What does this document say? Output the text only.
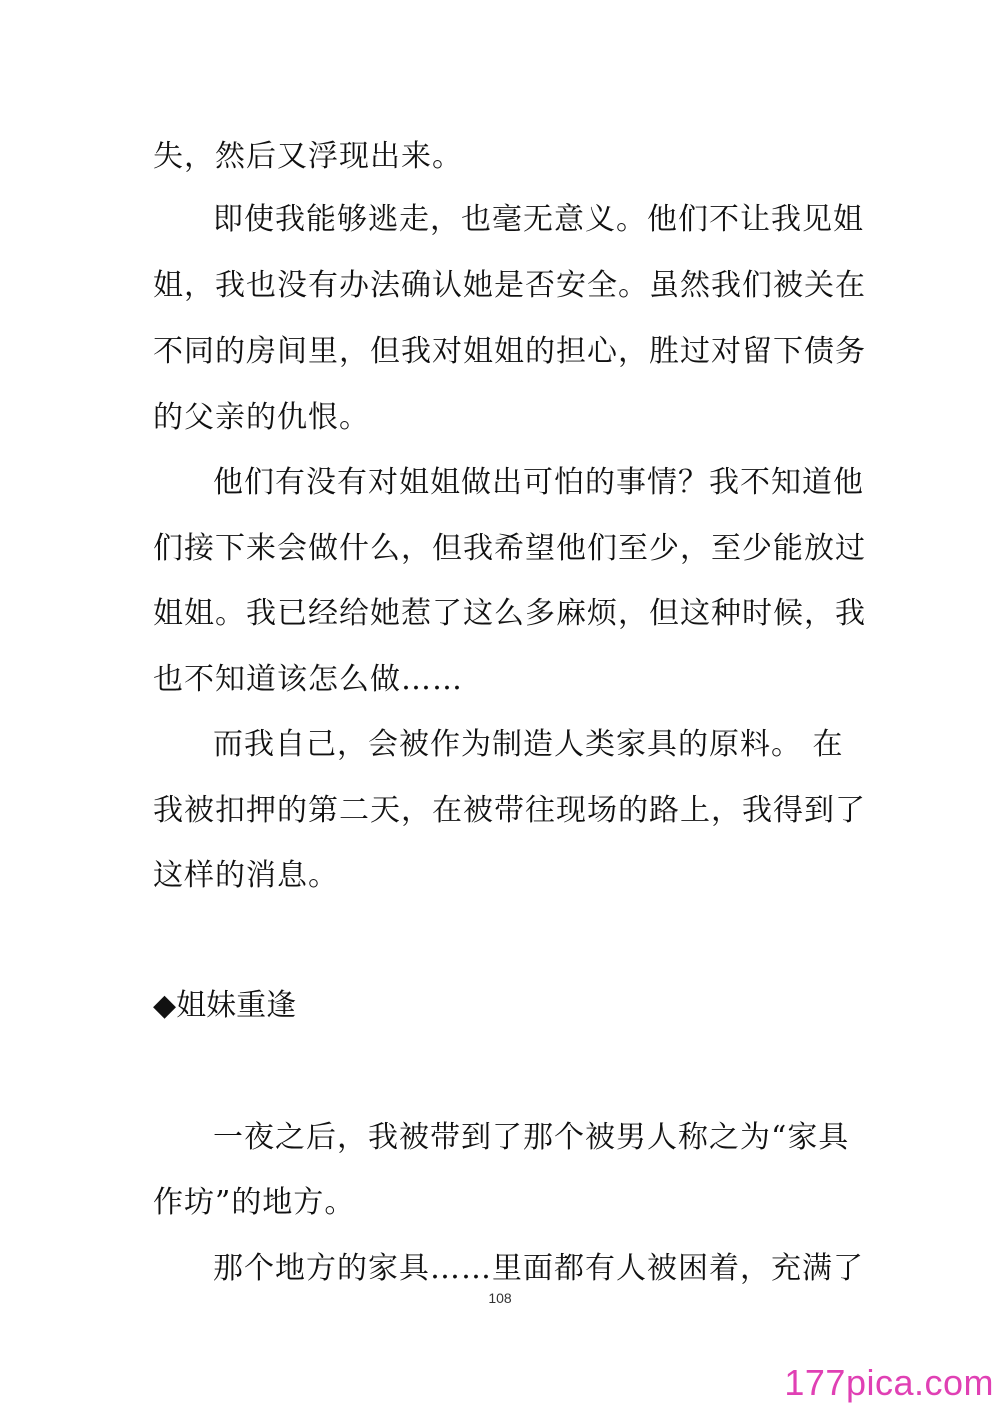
失，然后又浮现出来。
即使我能够逃走，也毫无意义。他们不让我见姐
姐，我也没有办法确认她是否安全。虽然我们被关在
不同的房间里，但我对姐姐的担心，胜过对留下债务
的父亲的仇恨。
他们有没有对姐姐做出可怕的事情？我不知道他
们接下来会做什么，但我希望他们至少，至少能放过
姐姐。我已经给她惹了这么多麻烦，但这种时候，我
也不知道该怎么做……
而我自己，会被作为制造人类家具的原料。 在
我被扣押的第二天，在被带往现场的路上，我得到了
这样的消息。
◆姐妹重逢
一夜之后，我被带到了那个被男人称之为“家具
作坊”的地方。
那个地方的家具……里面都有人被困着，充满了
108
177pica.com
